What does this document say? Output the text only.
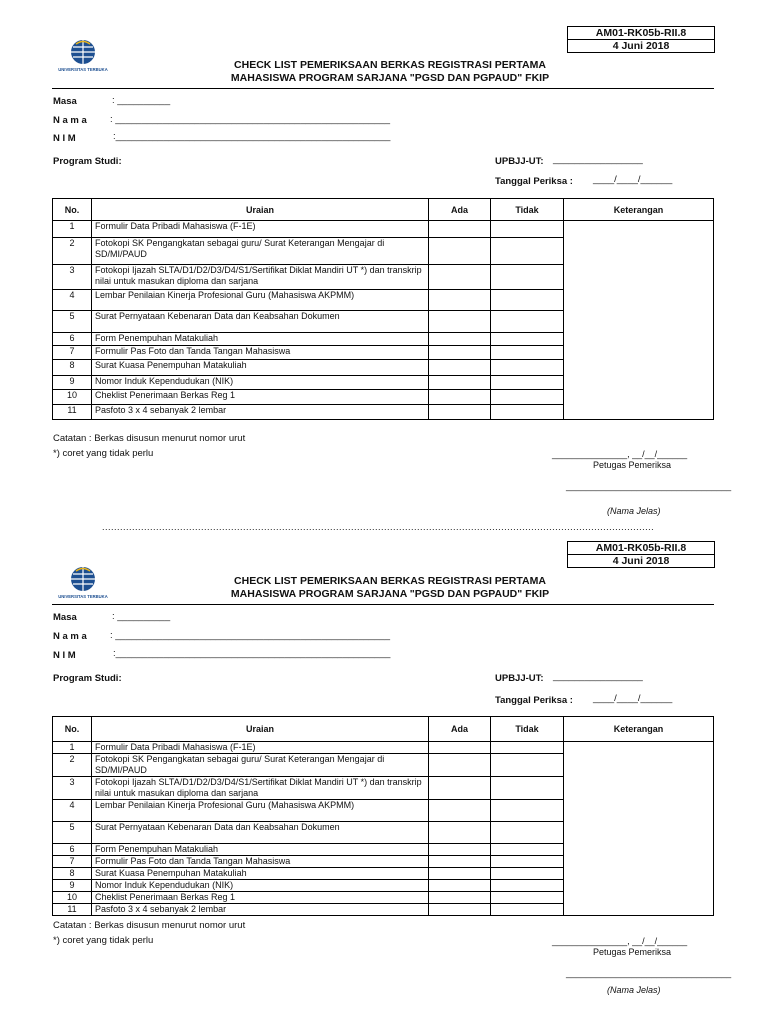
AM01-RK05b-RII.8
4 Juni 2018
UNIVERSITAS TERBUKA	CHECK LIST PEMERIKSAAN BERKAS REGISTRASI PERTAMA
MAHASISWA PROGRAM SARJANA "PGSD DAN PGPAUD" FKIP
Masa	: __________
N a m a : ____________________________________________________
N I M	:____________________________________________________
Program Studi:	UPBJJ-UT: _________________
Tanggal Periksa : ____/____/______
No.	Uraian	Ada	Tidak	Keterangan
1	Formulir Data Pribadi Mahasiswa (F-1E)			
2	Fotokopi SK Pengangkatan sebagai guru/ Surat Keterangan Mengajar di SD/MI/PAUD			
3	Fotokopi Ijazah SLTA/D1/D2/D3/D4/S1/Sertifikat Diklat Mandiri UT *) dan transkrip nilai untuk masukan diploma dan sarjana			
4	Lembar Penilaian Kinerja Profesional Guru (Mahasiswa AKPMM)			
5	Surat Pernyataan Kebenaran Data dan Keabsahan Dokumen			
6	Form Penempuhan Matakuliah			
7	Formulir Pas Foto dan Tanda Tangan Mahasiswa			
8	Surat Kuasa Penempuhan Matakuliah			
9	Nomor Induk Kependudukan (NIK)			
10	Cheklist Penerimaan Berkas Reg 1			
11	Pasfoto 3 x 4 sebanyak 2 lembar			
Catatan : Berkas disusun menurut nomor urut
*) coret yang tidak perlu	_______________, __/__/______
Petugas Pemeriksa
_________________________________
(Nama Jelas)
........................................................................................................................................................................................
AM01-RK05b-RII.8
4 Juni 2018
UNIVERSITAS TERBUKA
CHECK LIST PEMERIKSAAN BERKAS REGISTRASI PERTAMA
MAHASISWA PROGRAM SARJANA "PGSD DAN PGPAUD" FKIP
Masa	: __________
N a m a : ____________________________________________________
N I M	:____________________________________________________
Program Studi:	UPBJJ-UT: _________________
Tanggal Periksa : ____/____/______
No.	Uraian	Ada	Tidak	Keterangan
1	Formulir Data Pribadi Mahasiswa (F-1E)			
2	Fotokopi SK Pengangkatan sebagai guru/ Surat Keterangan Mengajar di SD/MI/PAUD			
3	Fotokopi Ijazah SLTA/D1/D2/D3/D4/S1/Sertifikat Diklat Mandiri UT *) dan transkrip nilai untuk masukan diploma dan sarjana			
4	Lembar Penilaian Kinerja Profesional Guru (Mahasiswa AKPMM)			
5	Surat Pernyataan Kebenaran Data dan Keabsahan Dokumen			
6	Form Penempuhan Matakuliah			
7	Formulir Pas Foto dan Tanda Tangan Mahasiswa			
8	Surat Kuasa Penempuhan Matakuliah			
9	Nomor Induk Kependudukan (NIK)			
10	Cheklist Penerimaan Berkas Reg 1			
11	Pasfoto 3 x 4 sebanyak 2 lembar			
Catatan : Berkas disusun menurut nomor urut
*) coret yang tidak perlu	_______________, __/__/______
Petugas Pemeriksa
_________________________________
(Nama Jelas)
